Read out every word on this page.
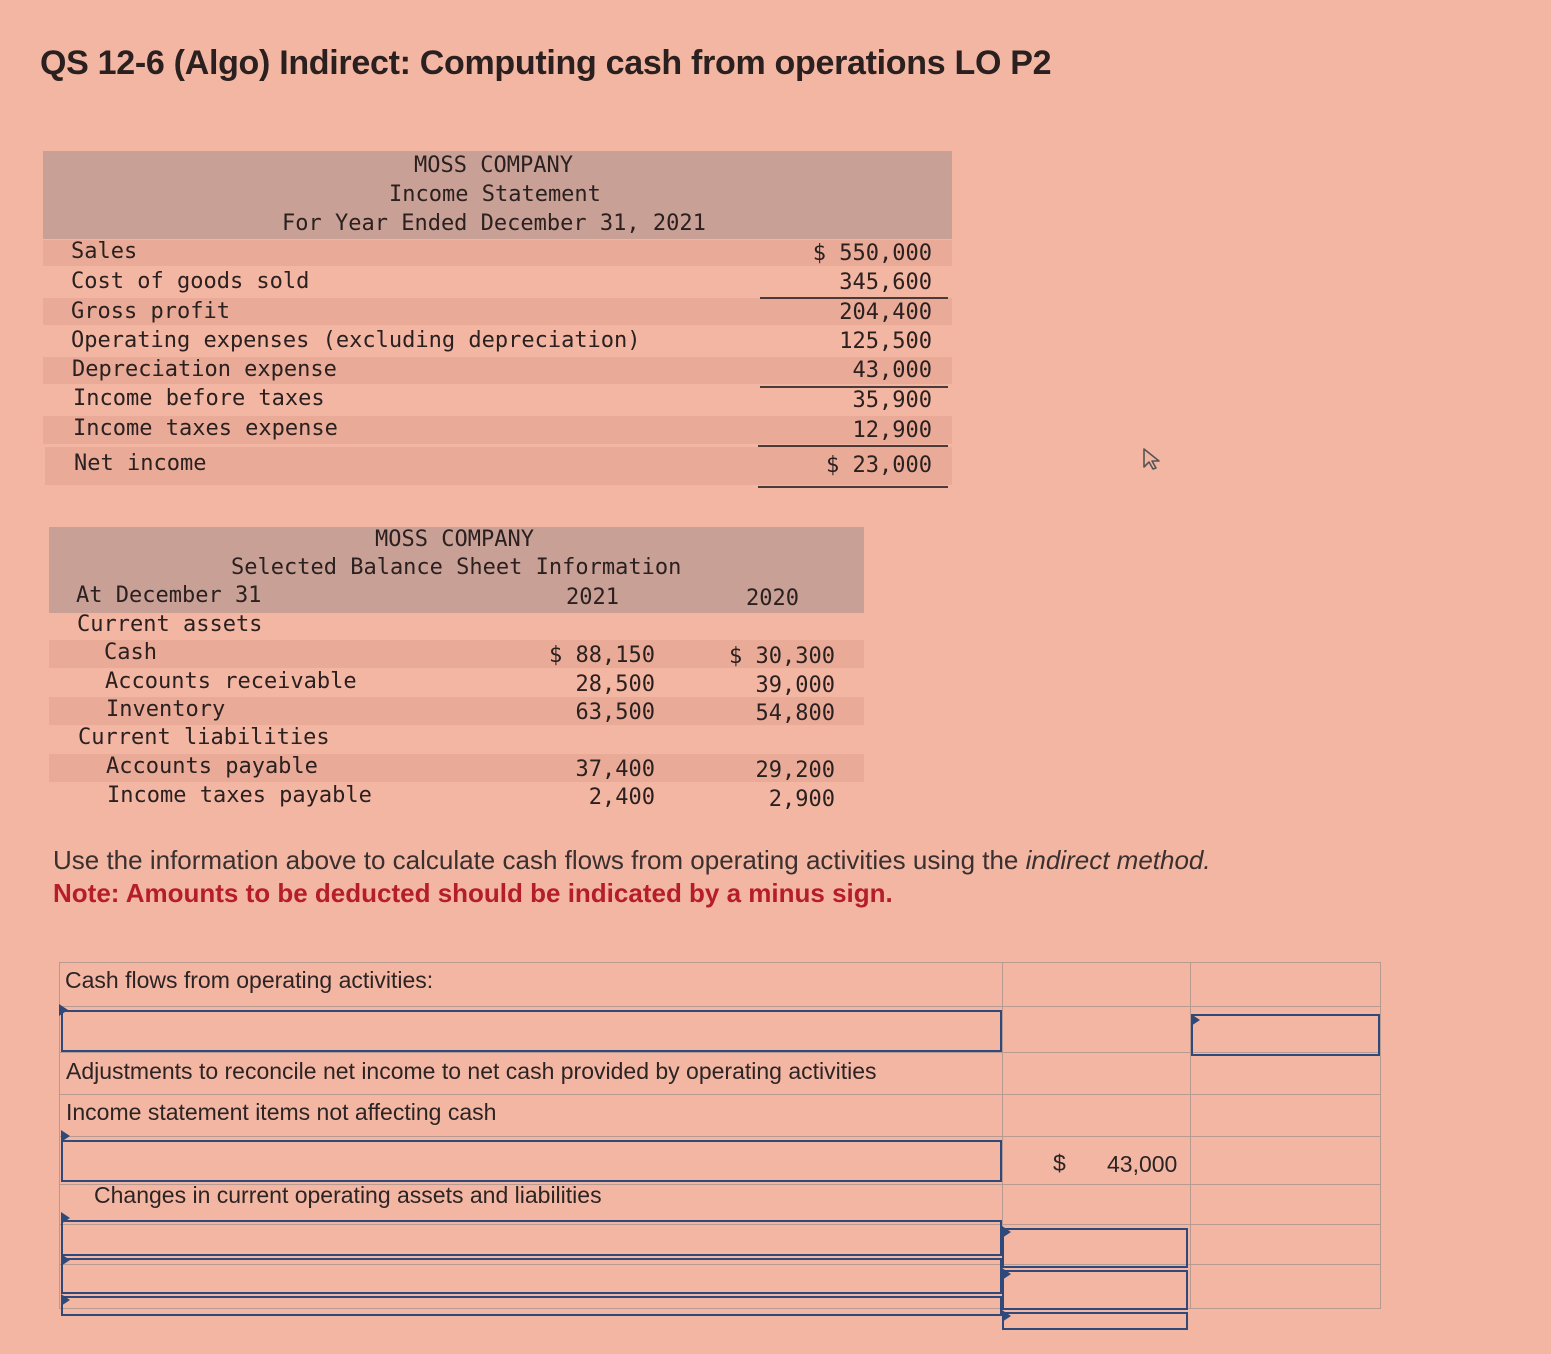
QS 12-6 (Algo) Indirect: Computing cash from operations LO P2
MOSS COMPANY
Income Statement
For Year Ended December 31, 2021
Sales	$ 550,000
Cost of goods sold	345,600
Gross profit	204,400
Operating expenses (excluding depreciation)	125,500
Depreciation expense	43,000
Income before taxes	35,900
Income taxes expense	12,900
Net income	$ 23,000
MOSS COMPANY
Selected Balance Sheet Information
At December 31	2021	2020
Current assets
Cash	$ 88,150	$ 30,300
Accounts receivable	28,500	39,000
Inventory	63,500	54,800
Current liabilities
Accounts payable	37,400	29,200
Income taxes payable	2,400	2,900
Use the information above to calculate cash flows from operating activities using the indirect method.
Note: Amounts to be deducted should be indicated by a minus sign.
Cash flows from operating activities:
Adjustments to reconcile net income to net cash provided by operating activities
Income statement items not affecting cash
$ 43,000
Changes in current operating assets and liabilities
